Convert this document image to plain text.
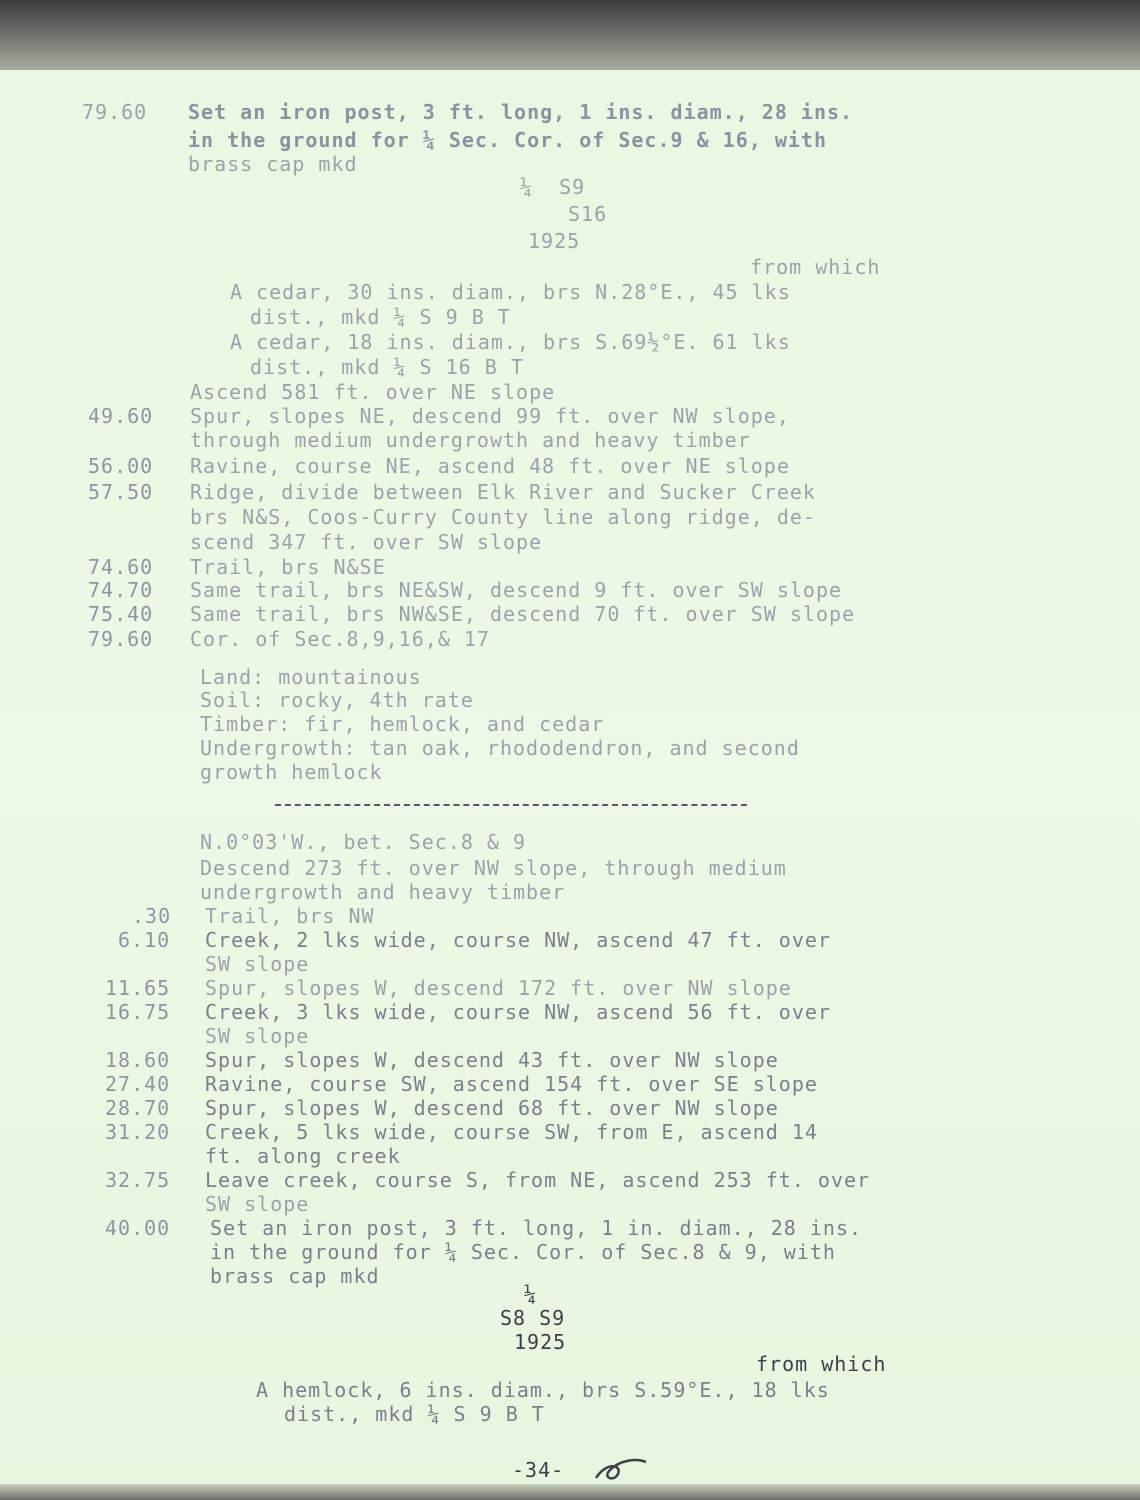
79.60 Set an iron post, 3 ft. long, 1 ins. diam., 28 ins.
in the ground for ¼ Sec. Cor. of Sec.9 & 16, with
brass cap mkd
¼  S9
S16
1925
from which
A cedar, 30 ins. diam., brs N.28°E., 45 lks
dist., mkd ¼ S 9 B T
A cedar, 18 ins. diam., brs S.69½°E. 61 lks
dist., mkd ¼ S 16 B T
Ascend 581 ft. over NE slope
49.60 Spur, slopes NE, descend 99 ft. over NW slope,
through medium undergrowth and heavy timber
56.00 Ravine, course NE, ascend 48 ft. over NE slope
57.50 Ridge, divide between Elk River and Sucker Creek
brs N&S, Coos-Curry County line along ridge, de-
scend 347 ft. over SW slope
74.60 Trail, brs N&SE
74.70 Same trail, brs NE&SW, descend 9 ft. over SW slope
75.40 Same trail, brs NW&SE, descend 70 ft. over SW slope
79.60 Cor. of Sec.8,9,16,& 17
Land: mountainous
Soil: rocky, 4th rate
Timber: fir, hemlock, and cedar
Undergrowth: tan oak, rhododendron, and second
growth hemlock
N.0°03'W., bet. Sec.8 & 9
Descend 273 ft. over NW slope, through medium
undergrowth and heavy timber
.30 Trail, brs NW
6.10 Creek, 2 lks wide, course NW, ascend 47 ft. over
SW slope
11.65 Spur, slopes W, descend 172 ft. over NW slope
16.75 Creek, 3 lks wide, course NW, ascend 56 ft. over
SW slope
18.60 Spur, slopes W, descend 43 ft. over NW slope
27.40 Ravine, course SW, ascend 154 ft. over SE slope
28.70 Spur, slopes W, descend 68 ft. over NW slope
31.20 Creek, 5 lks wide, course SW, from E, ascend 14
ft. along creek
32.75 Leave creek, course S, from NE, ascend 253 ft. over
SW slope
40.00 Set an iron post, 3 ft. long, 1 in. diam., 28 ins.
in the ground for ¼ Sec. Cor. of Sec.8 & 9, with
brass cap mkd
¼
S8 S9
1925
from which
A hemlock, 6 ins. diam., brs S.59°E., 18 lks
dist., mkd ¼ S 9 B T
-34-
